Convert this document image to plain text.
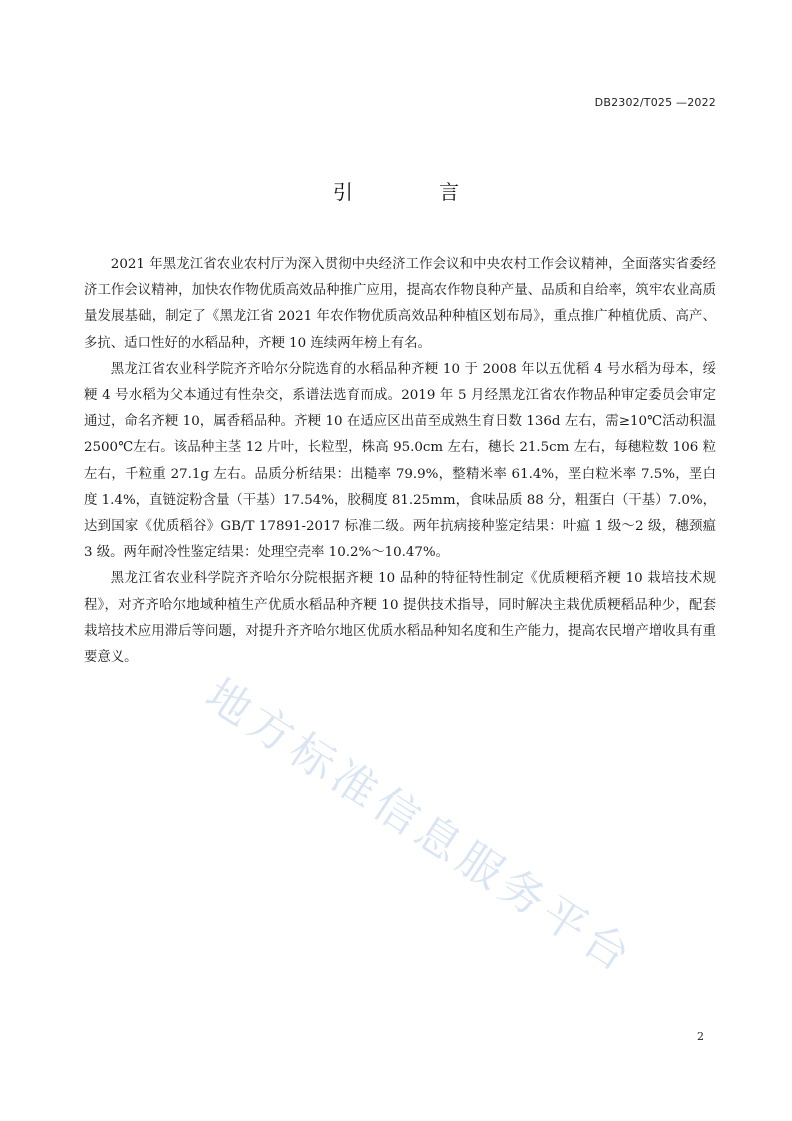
DB2302/T025 —2022
引 言

2021 年黑龙江省农业农村厅为深入贯彻中央经济工作会议和中央农村工作会议精神，全面落实省委经济工作会议精神，加快农作物优质高效品种推广应用，提高农作物良种产量、品质和自给率，筑牢农业高质量发展基础，制定了《黑龙江省 2021 年农作物优质高效品种种植区划布局》，重点推广种植优质、高产、多抗、适口性好的水稻品种，齐粳 10 连续两年榜上有名。

黑龙江省农业科学院齐齐哈尔分院选育的水稻品种齐粳 10 于 2008 年以五优稻 4 号水稻为母本，绥粳 4 号水稻为父本通过有性杂交，系谱法选育而成。2019 年 5 月经黑龙江省农作物品种审定委员会审定通过，命名齐粳 10，属香稻品种。齐粳 10 在适应区出苗至成熟生育日数 136d 左右，需≥10℃活动积温 2500℃左右。该品种主茎 12 片叶，长粒型，株高 95.0cm 左右，穗长 21.5cm 左右，每穗粒数 106 粒左右，千粒重 27.1g 左右。品质分析结果：出糙率 79.9%，整精米率 61.4%，垩白粒米率 7.5%，垩白度 1.4%，直链淀粉含量（干基）17.54%，胶稠度 81.25mm，食味品质 88 分，粗蛋白（干基）7.0%，达到国家《优质稻谷》GB/T 17891-2017 标准二级。两年抗病接种鉴定结果：叶瘟 1 级～2 级，穗颈瘟 3 级。两年耐冷性鉴定结果：处理空壳率 10.2%～10.47%。

黑龙江省农业科学院齐齐哈尔分院根据齐粳 10 品种的特征特性制定《优质粳稻齐粳 10 栽培技术规程》，对齐齐哈尔地域种植生产优质水稻品种齐粳 10 提供技术指导，同时解决主栽优质粳稻品种少，配套栽培技术应用滞后等问题，对提升齐齐哈尔地区优质水稻品种知名度和生产能力，提高农民增产增收具有重要意义。

地方标准信息服务平台
2
